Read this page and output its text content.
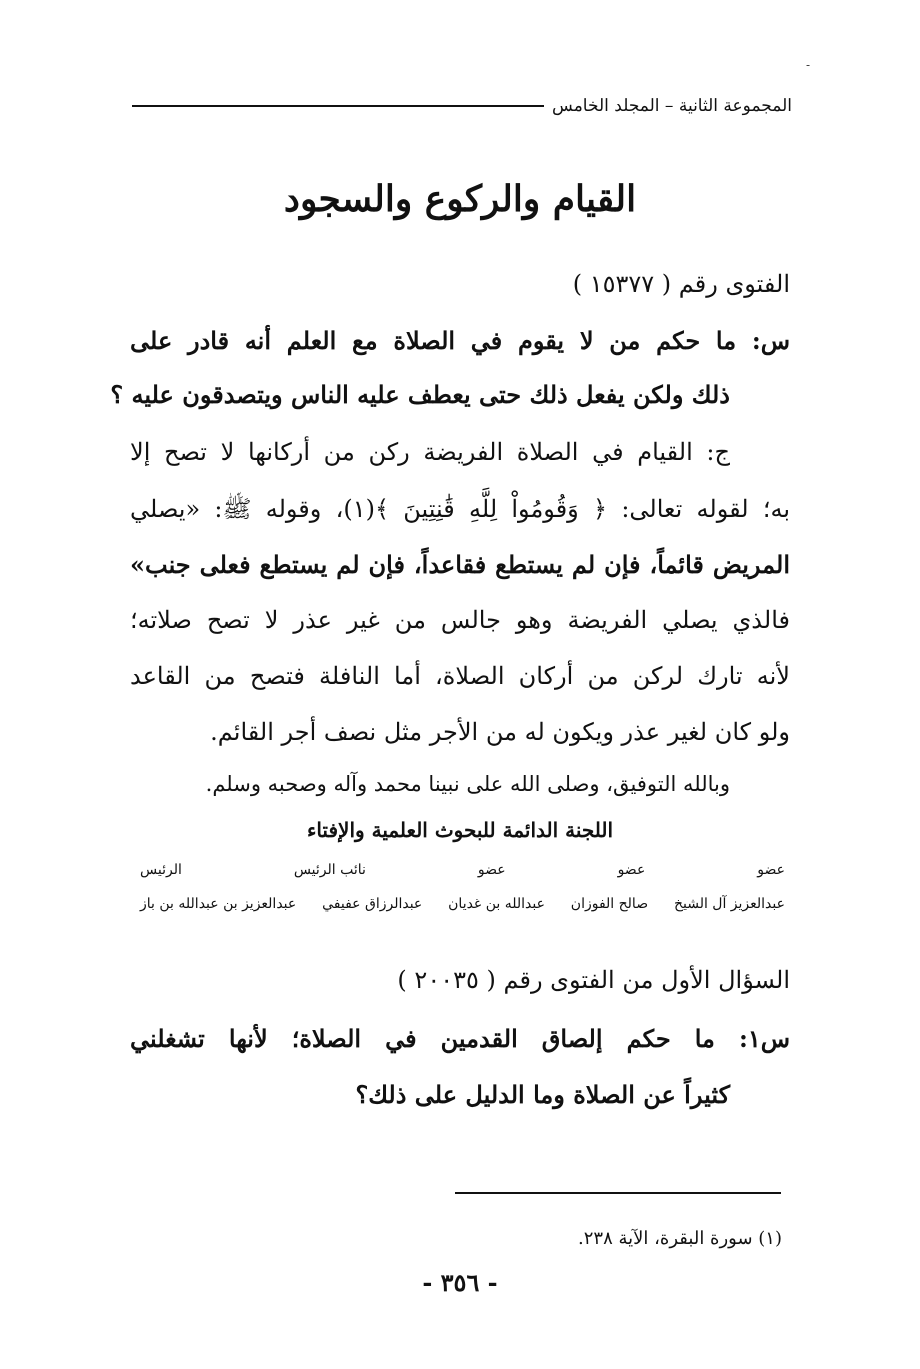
-
المجموعة الثانية – المجلد الخامس
القيام والركوع والسجود
الفتوى رقم ( ١٥٣٧٧ )
س: ما حكم من لا يقوم في الصلاة مع العلم أنه قادر على
ذلك ولكن يفعل ذلك حتى يعطف عليه الناس ويتصدقون عليه ؟
ج: القيام في الصلاة الفريضة ركن من أركانها لا تصح إلا
به؛ لقوله تعالى: ﴿ وَقُومُواْ لِلَّهِ قَٰنِتِينَ ﴾(١)، وقوله ﷺ: «يصلي
المريض قائماً، فإن لم يستطع فقاعداً، فإن لم يستطع فعلى جنب»
فالذي يصلي الفريضة وهو جالس من غير عذر لا تصح صلاته؛
لأنه تارك لركن من أركان الصلاة، أما النافلة فتصح من القاعد
ولو كان لغير عذر ويكون له من الأجر مثل نصف أجر القائم.
وبالله التوفيق، وصلى الله على نبينا محمد وآله وصحبه وسلم.
اللجنة الدائمة للبحوث العلمية والإفتاء
عضو
عضو
عضو
نائب الرئيس
الرئيس
عبدالعزيز آل الشيخ
صالح الفوزان
عبدالله بن غديان
عبدالرزاق عفيفي
عبدالعزيز بن عبدالله بن باز
السؤال الأول من الفتوى رقم ( ٢٠٠٣٥ )
س١: ما حكم إلصاق القدمين في الصلاة؛ لأنها تشغلني
كثيراً عن الصلاة وما الدليل على ذلك؟
(١) سورة البقرة، الآية ٢٣٨.
- ٣٥٦ -
